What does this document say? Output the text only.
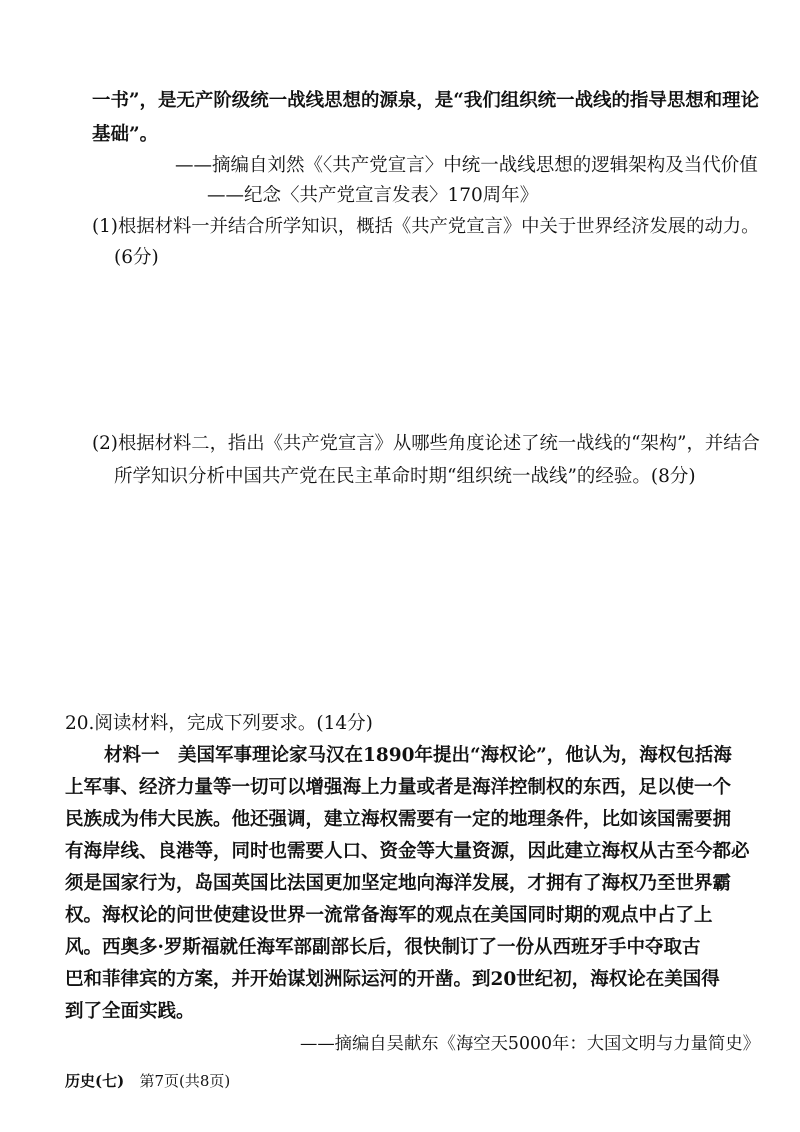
一书”，是无产阶级统一战线思想的源泉，是“我们组织统一战线的指导思想和理论
基础”。
——摘编自刘然《〈共产党宣言〉中统一战线思想的逻辑架构及当代价值
——纪念〈共产党宣言发表〉170周年》
(1)根据材料一并结合所学知识，概括《共产党宣言》中关于世界经济发展的动力。
(6分)
(2)根据材料二，指出《共产党宣言》从哪些角度论述了统一战线的“架构”，并结合
所学知识分析中国共产党在民主革命时期“组织统一战线”的经验。(8分)
20.阅读材料，完成下列要求。(14分)
材料一　美国军事理论家马汉在1890年提出“海权论”，他认为，海权包括海
上军事、经济力量等一切可以增强海上力量或者是海洋控制权的东西，足以使一个
民族成为伟大民族。他还强调，建立海权需要有一定的地理条件，比如该国需要拥
有海岸线、良港等，同时也需要人口、资金等大量资源，因此建立海权从古至今都必
须是国家行为，岛国英国比法国更加坚定地向海洋发展，才拥有了海权乃至世界霸
权。海权论的问世使建设世界一流常备海军的观点在美国同时期的观点中占了上
风。西奥多·罗斯福就任海军部副部长后，很快制订了一份从西班牙手中夺取古
巴和菲律宾的方案，并开始谋划洲际运河的开凿。到20世纪初，海权论在美国得
到了全面实践。
——摘编自吴献东《海空天5000年：大国文明与力量简史》
历史(七) 第7页(共8页)
